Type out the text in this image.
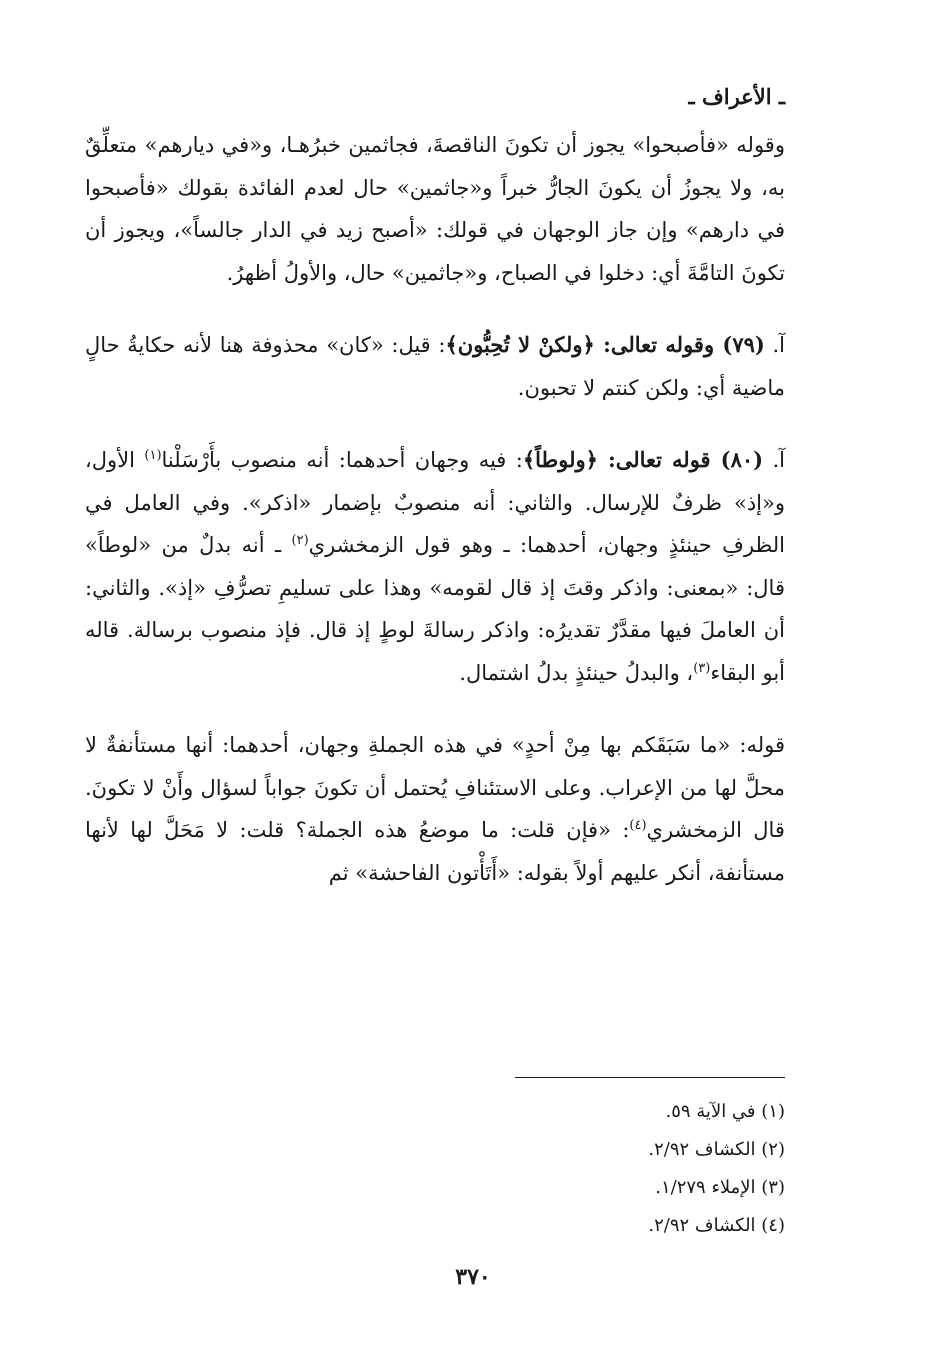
ـ الأعراف ـ

وقوله «فأصبحوا» يجوز أن تكونَ الناقصةَ، فجاثمين خبرُهـا، و«في ديارهم» متعلِّقٌ به، ولا يجوزُ أن يكونَ الجارُّ خبراً و«جاثمين» حال لعدم الفائدة بقولك «فأصبحوا في دارهم» وإن جاز الوجهان في قولك: «أصبح زيد في الدار جالساً»، ويجوز أن تكونَ التامَّةَ أي: دخلوا في الصباح، و«جاثمين» حال، والأولُ أظهرُ.

آ. (٧٩) وقوله تعالى: ﴿ولكنْ لا تُحِبُّون﴾: قيل: «كان» محذوفة هنا لأنه حكايةُ حالٍ ماضية أي: ولكن كنتم لا تحبون.

آ. (٨٠) قوله تعالى: ﴿ولوطاً﴾: فيه وجهان أحدهما: أنه منصوب بأَرْسَلْنا$^{(١)}$ الأول، و«إذ» ظرفٌ للإرسال. والثاني: أنه منصوبٌ بإضمار «اذكر». وفي العامل في الظرفِ حينئذٍ وجهان، أحدهما: ـ وهو قول الزمخشري$^{(٢)}$ ـ أنه بدلٌ من «لوطاً» قال: «بمعنى: واذكر وقتَ إذ قال لقومه» وهذا على تسليمِ تصرُّفِ «إذ». والثاني: أن العاملَ فيها مقدَّرٌ تقديرُه: واذكر رسالةَ لوطٍ إذ قال. فإذ منصوب برسالة. قاله أبو البقاء$^{(٣)}$، والبدلُ حينئذٍ بدلُ اشتمال.

قوله: «ما سَبَقَكم بها مِنْ أحدٍ» في هذه الجملةِ وجهان، أحدهما: أنها مستأنفةٌ لا محلَّ لها من الإعراب. وعلى الاستئنافِ يُحتمل أن تكونَ جواباً لسؤال وأَنْ لا تكونَ. قال الزمخشري$^{(٤)}$: «فإن قلت: ما موضعُ هذه الجملة؟ قلت: لا مَحَلَّ لها لأنها مستأنفة، أنكر عليهم أولاً بقوله: «أَتَأْتون الفاحشة» ثم

(١) في الآية ٥٩.
(٢) الكشاف ٢/٩٢.
(٣) الإملاء ١/٢٧٩.
(٤) الكشاف ٢/٩٢.
٣٧٠
